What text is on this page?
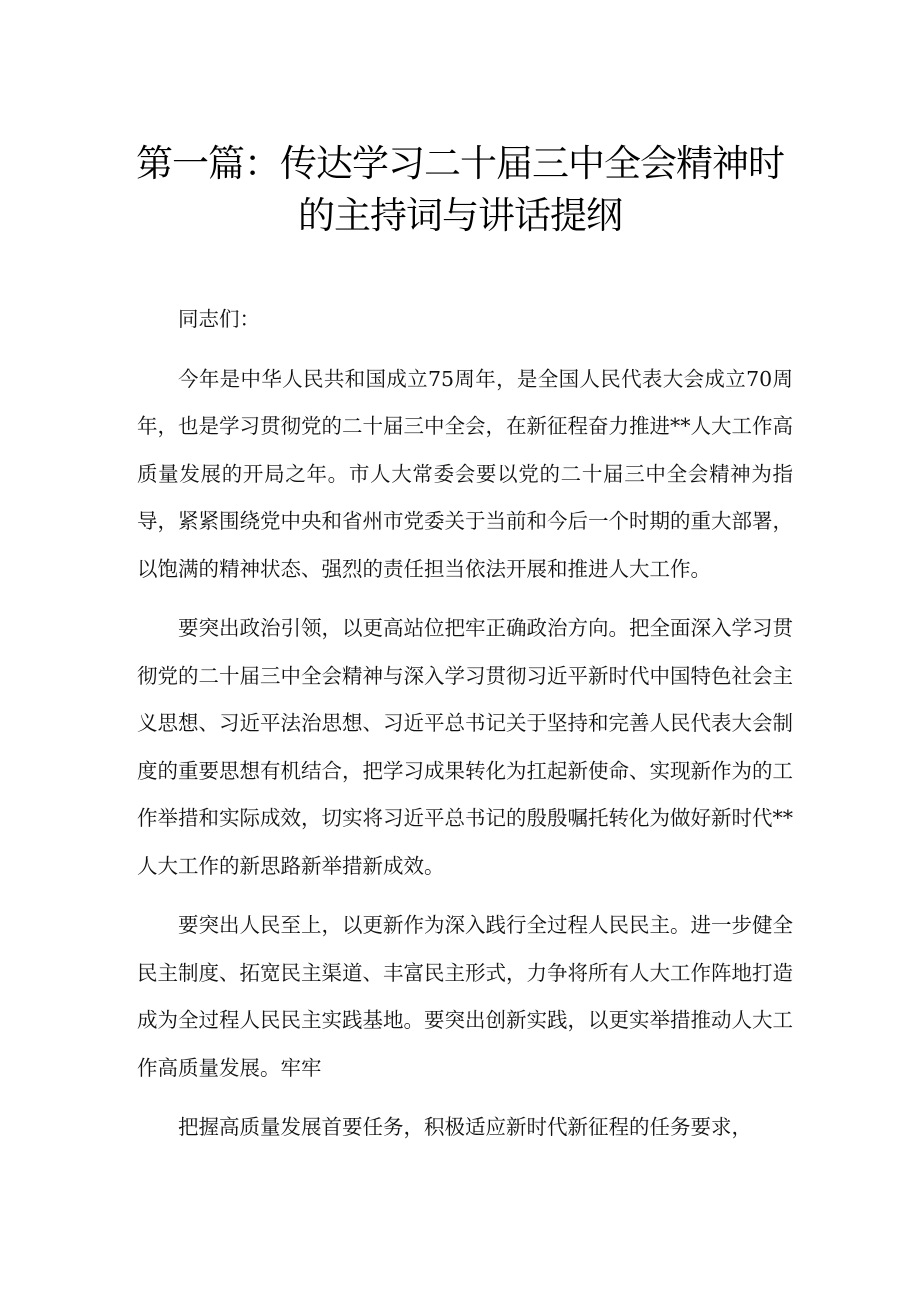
第一篇：传达学习二十届三中全会精神时
的主持词与讲话提纲

同志们：

今年是中华人民共和国成立75周年，是全国人民代表大会成立70周年，也是学习贯彻党的二十届三中全会，在新征程奋力推进**人大工作高质量发展的开局之年。市人大常委会要以党的二十届三中全会精神为指导，紧紧围绕党中央和省州市党委关于当前和今后一个时期的重大部署，以饱满的精神状态、强烈的责任担当依法开展和推进人大工作。

要突出政治引领，以更高站位把牢正确政治方向。把全面深入学习贯彻党的二十届三中全会精神与深入学习贯彻习近平新时代中国特色社会主义思想、习近平法治思想、习近平总书记关于坚持和完善人民代表大会制度的重要思想有机结合，把学习成果转化为扛起新使命、实现新作为的工作举措和实际成效，切实将习近平总书记的殷殷嘱托转化为做好新时代**人大工作的新思路新举措新成效。

要突出人民至上，以更新作为深入践行全过程人民民主。进一步健全民主制度、拓宽民主渠道、丰富民主形式，力争将所有人大工作阵地打造成为全过程人民民主实践基地。要突出创新实践，以更实举措推动人大工作高质量发展。牢牢

把握高质量发展首要任务，积极适应新时代新征程的任务要求，
